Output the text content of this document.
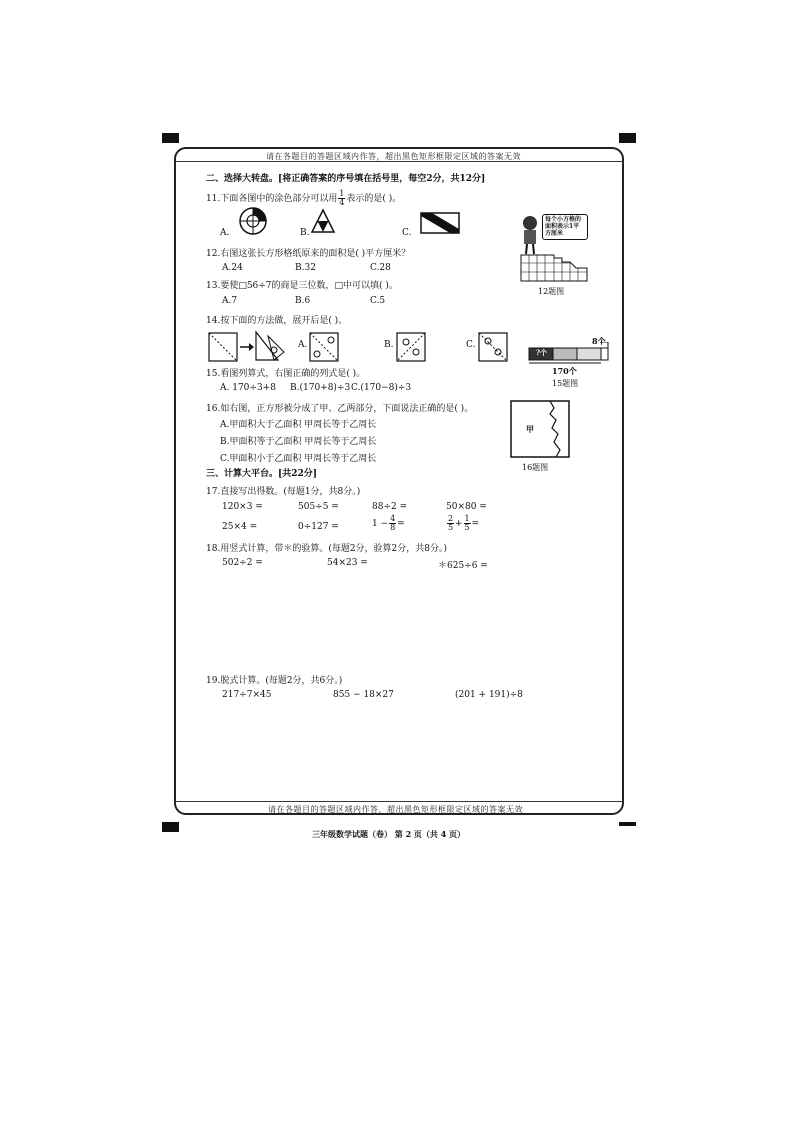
请在各题目的答题区域内作答，超出黑色矩形框限定区域的答案无效
请在各题目的答题区域内作答，超出黑色矩形框限定区域的答案无效
三年级数学试题（卷） 第 2 页（共 4 页）
二、选择大转盘。[将正确答案的序号填在括号里，每空2分，共12分]
11.下面各图中的涂色部分可以用 $\frac{1}{4}$ 表示的是( )。
A.	B.	C.
12.右图这张长方形格纸原来的面积是( )平方厘米？
A.24	B.32	C.28
每个小方格的面积表示1平方厘米
12题图
13.要使□56÷7的商是三位数，□中可以填( )。
A.7	B.6	C.5
14.按下面的方法做，展开后是( )。
A.	B.	C.	8个
?个
170个
15题图
15.看图列算式，右图正确的列式是( )。
A. 170÷3+8 B.(170+8)÷3 C.(170−8)÷3
16.如右图，正方形被分成了甲、乙两部分，下面说法正确的是( )。
A.甲面积大于乙面积 甲周长等于乙周长
B.甲面积等于乙面积 甲周长等于乙周长
C.甲面积小于乙面积 甲周长等于乙周长
甲
16题图
三、计算大平台。[共22分]
17.直接写出得数。(每题1分，共8分。)
120×3 =	505÷5 =	88÷2 =	50×80 =
25×4 =	0÷127 =	$1 - \frac{4}{8}$ =	$\frac{2}{5} + \frac{1}{5}$ =
18.用竖式计算，带＊的验算。(每题2分，验算2分，共8分。)
502÷2 =	54×23 =	＊625÷6 =
19.脱式计算。(每题2分，共6分。)
217÷7×45	855 − 18×27	(201 + 191)÷8
